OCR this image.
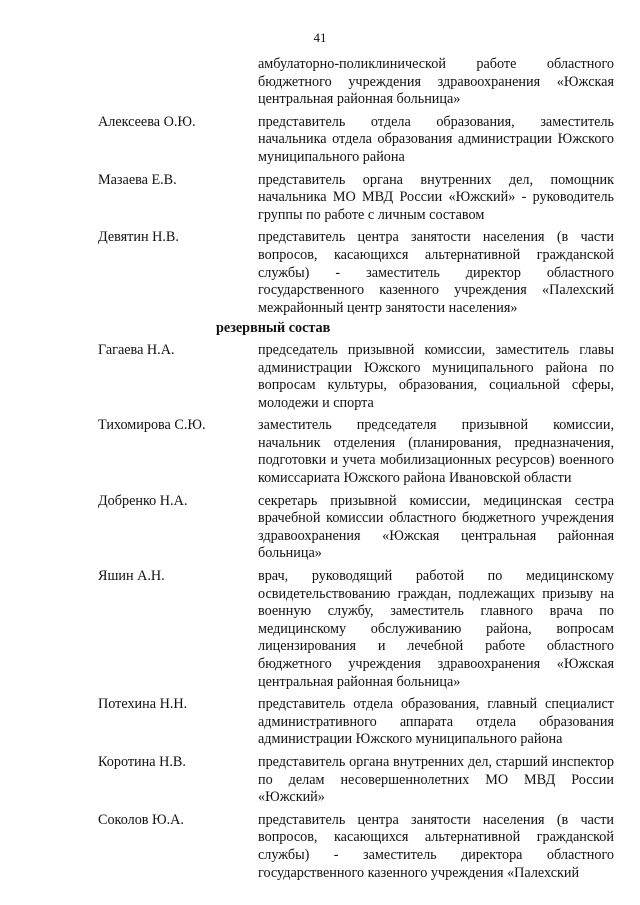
41
амбулаторно-поликлинической работе областного бюджетного учреждения здравоохранения «Южская центральная районная больница»
Алексеева О.Ю.	представитель отдела образования, заместитель начальника отдела образования администрации Южского муниципального района
Мазаева Е.В.	представитель органа внутренних дел, помощник начальника МО МВД России «Южский» - руководитель группы по работе с личным составом
Девятин Н.В.	представитель центра занятости населения (в части вопросов, касающихся альтернативной гражданской службы) - заместитель директор областного государственного казенного учреждения «Палехский межрайонный центр занятости населения»
резервный состав
Гагаева Н.А.	председатель призывной комиссии, заместитель главы администрации Южского муниципального района по вопросам культуры, образования, социальной сферы, молодежи и спорта
Тихомирова С.Ю.	заместитель председателя призывной комиссии, начальник отделения (планирования, предназначения, подготовки и учета мобилизационных ресурсов) военного комиссариата Южского района Ивановской области
Добренко Н.А.	секретарь призывной комиссии, медицинская сестра врачебной комиссии областного бюджетного учреждения здравоохранения «Южская центральная районная больница»
Яшин А.Н.	врач, руководящий работой по медицинскому освидетельствованию граждан, подлежащих призыву на военную службу, заместитель главного врача по медицинскому обслуживанию района, вопросам лицензирования и лечебной работе областного бюджетного учреждения здравоохранения «Южская центральная районная больница»
Потехина Н.Н.	представитель отдела образования, главный специалист административного аппарата отдела образования администрации Южского муниципального района
Коротина Н.В.	представитель органа внутренних дел, старший инспектор по делам несовершеннолетних МО МВД России «Южский»
Соколов Ю.А.	представитель центра занятости населения (в части вопросов, касающихся альтернативной гражданской службы) - заместитель директора областного государственного казенного учреждения «Палехский
